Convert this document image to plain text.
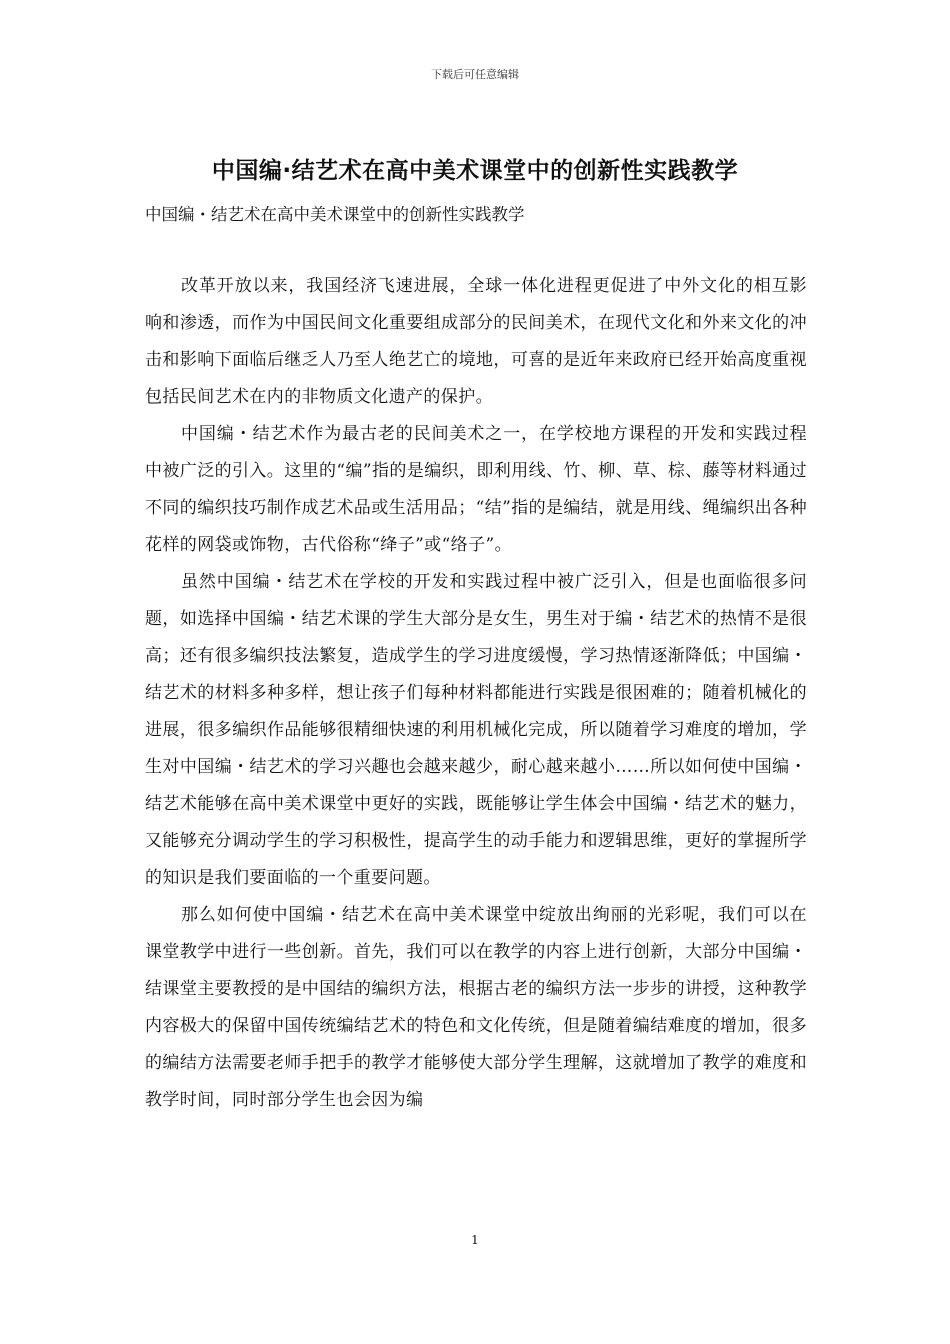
下载后可任意编辑
中国编·结艺术在高中美术课堂中的创新性实践教学

中国编・结艺术在高中美术课堂中的创新性实践教学

改革开放以来，我国经济飞速进展，全球一体化进程更促进了中外文化的相互影响和渗透，而作为中国民间文化重要组成部分的民间美术，在现代文化和外来文化的冲击和影响下面临后继乏人乃至人绝艺亡的境地，可喜的是近年来政府已经开始高度重视包括民间艺术在内的非物质文化遗产的保护。

中国编・结艺术作为最古老的民间美术之一，在学校地方课程的开发和实践过程中被广泛的引入。这里的“编”指的是编织，即利用线、竹、柳、草、棕、藤等材料通过不同的编织技巧制作成艺术品或生活用品；“结”指的是编结，就是用线、绳编织出各种花样的网袋或饰物，古代俗称“绛子”或“络子”。

虽然中国编・结艺术在学校的开发和实践过程中被广泛引入，但是也面临很多问题，如选择中国编・结艺术课的学生大部分是女生，男生对于编・结艺术的热情不是很高；还有很多编织技法繁复，造成学生的学习进度缓慢，学习热情逐渐降低；中国编・结艺术的材料多种多样，想让孩子们每种材料都能进行实践是很困难的；随着机械化的进展，很多编织作品能够很精细快速的利用机械化完成，所以随着学习难度的增加，学生对中国编・结艺术的学习兴趣也会越来越少，耐心越来越小……所以如何使中国编・结艺术能够在高中美术课堂中更好的实践，既能够让学生体会中国编・结艺术的魅力，又能够充分调动学生的学习积极性，提高学生的动手能力和逻辑思维，更好的掌握所学的知识是我们要面临的一个重要问题。

那么如何使中国编・结艺术在高中美术课堂中绽放出绚丽的光彩呢，我们可以在课堂教学中进行一些创新。首先，我们可以在教学的内容上进行创新，大部分中国编・结课堂主要教授的是中国结的编织方法，根据古老的编织方法一步步的讲授，这种教学内容极大的保留中国传统编结艺术的特色和文化传统，但是随着编结难度的增加，很多的编结方法需要老师手把手的教学才能够使大部分学生理解，这就增加了教学的难度和教学时间，同时部分学生也会因为编

1
